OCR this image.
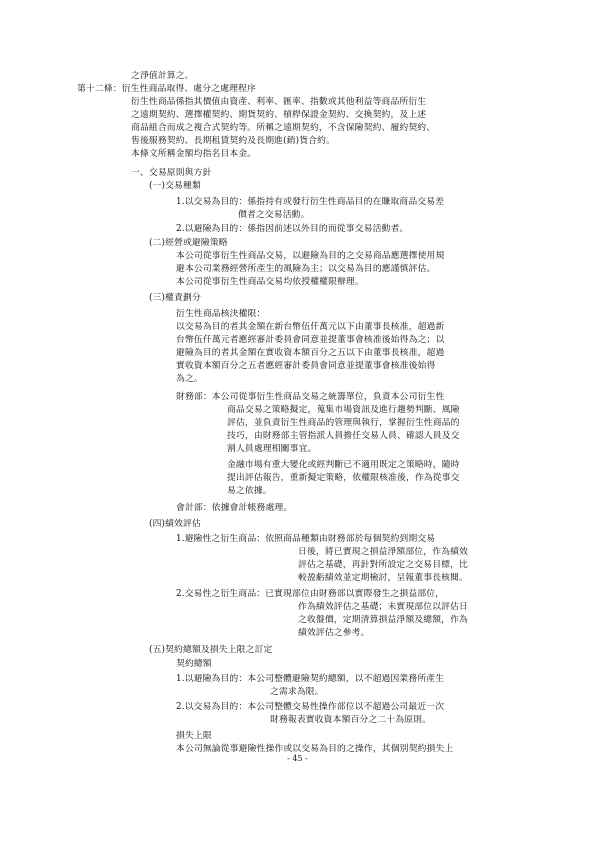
之淨值計算之。
第十二條：衍生性商品取得、處分之處理程序
衍生性商品係指其價值由資產、利率、匯率、指數或其他利益等商品所衍生
之遠期契約、選擇權契約、期貨契約、槓桿保證金契約、交換契約，及上述
商品組合而成之複合式契約等。所稱之遠期契約，不含保險契約、履約契約、
售後服務契約、長期租賃契約及長期進(銷)貨合約。
本條文所稱金額均指名目本金。
一、交易原則與方針
(一)交易種類
1.以交易為目的：係指持有或發行衍生性商品目的在賺取商品交易差
價者之交易活動。
2.以避險為目的：係指因前述以外目的而從事交易活動者。
(二)經營或避險策略
本公司從事衍生性商品交易，以避險為目的之交易商品應選擇使用規
避本公司業務經營所產生的風險為主；以交易為目的應謹慎評估。
本公司從事衍生性商品交易均依授權權限辦理。
(三)權責劃分
衍生性商品核決權限：
以交易為目的者其金額在新台幣伍仟萬元以下由董事長核准，超過新
台幣伍仟萬元者應經審計委員會同意並提董事會核准後始得為之；以
避險為目的者其金額在實收資本額百分之五以下由董事長核准，超過
實收資本額百分之五者應經審計委員會同意並提董事會核准後始得
為之。
財務部：本公司從事衍生性商品交易之統籌單位，負責本公司衍生性
商品交易之策略擬定，蒐集市場資訊及進行趨勢判斷、風險
評估，並負責衍生性商品的管理與執行，掌握衍生性商品的
技巧，由財務部主管指派人員擔任交易人員、確認人員及交
割人員處理相關事宜。
金融市場有重大變化或經判斷已不適用既定之策略時，隨時
提出評估報告，重新擬定策略，依權限核准後，作為從事交
易之依據。
會計部：依據會計帳務處理。
(四)績效評估
1.避險性之衍生商品：依照商品種類由財務部於每個契約到期交易
日後，將已實現之損益淨額部位，作為績效
評估之基礎，再針對所設定之交易目標，比
較盈虧績效並定期檢討，呈報董事長核閱。
2.交易性之衍生商品：已實現部位由財務部以實際發生之損益部位，
作為績效評估之基礎；未實現部位以評估日
之收盤價，定期清算損益淨額及總額，作為
績效評估之參考。
(五)契約總額及損失上限之訂定
契約總額
1.以避險為目的：本公司整體避險契約總額，以不超過因業務所產生
之需求為限。
2.以交易為目的：本公司整體交易性操作部位以不超過公司最近一次
財務報表實收資本額百分之二十為原則。
損失上限
本公司無論從事避險性操作或以交易為目的之操作，其個別契約損失上
- 45 -
